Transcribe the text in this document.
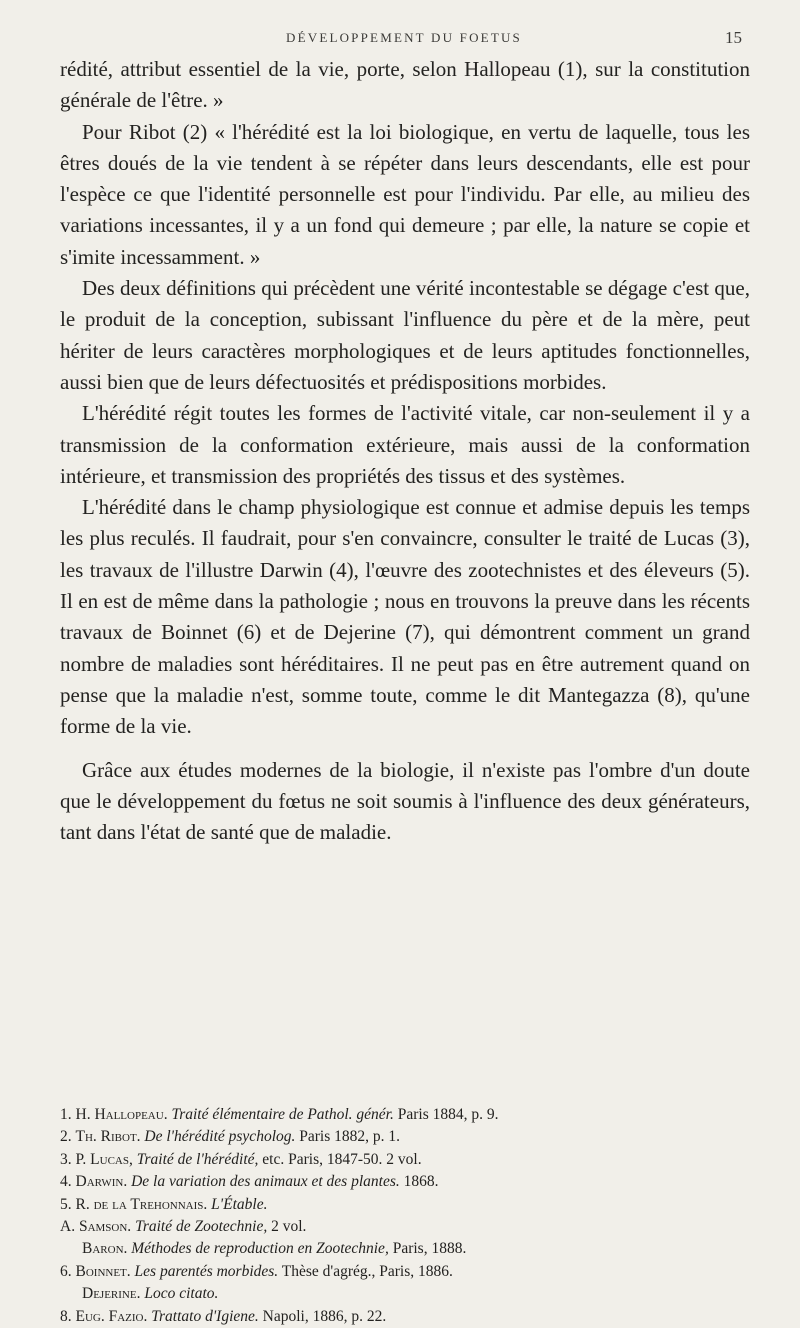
DÉVELOPPEMENT DU FOETUS	15

rédité, attribut essentiel de la vie, porte, selon Hallopeau (1), sur la constitution générale de l'être. »

Pour Ribot (2) « l'hérédité est la loi biologique, en vertu de laquelle, tous les êtres doués de la vie tendent à se répéter dans leurs descendants, elle est pour l'espèce ce que l'identité personnelle est pour l'individu. Par elle, au milieu des variations incessantes, il y a un fond qui demeure ; par elle, la nature se copie et s'imite incessamment. »

Des deux définitions qui précèdent une vérité incontestable se dégage c'est que, le produit de la conception, subissant l'influence du père et de la mère, peut hériter de leurs caractères morphologiques et de leurs aptitudes fonctionnelles, aussi bien que de leurs défectuosités et prédispositions morbides.

L'hérédité régit toutes les formes de l'activité vitale, car non-seulement il y a transmission de la conformation extérieure, mais aussi de la conformation intérieure, et transmission des propriétés des tissus et des systèmes.

L'hérédité dans le champ physiologique est connue et admise depuis les temps les plus reculés. Il faudrait, pour s'en convaincre, consulter le traité de Lucas (3), les travaux de l'illustre Darwin (4), l'œuvre des zootechnistes et des éleveurs (5). Il en est de même dans la pathologie ; nous en trouvons la preuve dans les récents travaux de Boinnet (6) et de Dejerine (7), qui démontrent comment un grand nombre de maladies sont héréditaires. Il ne peut pas en être autrement quand on pense que la maladie n'est, somme toute, comme le dit Mantegazza (8), qu'une forme de la vie.

Grâce aux études modernes de la biologie, il n'existe pas l'ombre d'un doute que le développement du fœtus ne soit soumis à l'influence des deux générateurs, tant dans l'état de santé que de maladie.

1. H. Hallopeau. Traité élémentaire de Pathol. génér. Paris 1884, p. 9.

2. Th. Ribot. De l'hérédité psycholog. Paris 1882, p. 1.

3. P. Lucas, Traité de l'hérédité, etc. Paris, 1847-50. 2 vol.

4. Darwin. De la variation des animaux et des plantes. 1868.

5. R. de la Trehonnais. L'Étable.

A. Samson. Traité de Zootechnie, 2 vol.

Baron. Méthodes de reproduction en Zootechnie, Paris, 1888.

6. Boinnet. Les parentés morbides. Thèse d'agrég., Paris, 1886.

Dejerine. Loco citato.

8. Eug. Fazio. Trattato d'Igiene. Napoli, 1886, p. 22.
